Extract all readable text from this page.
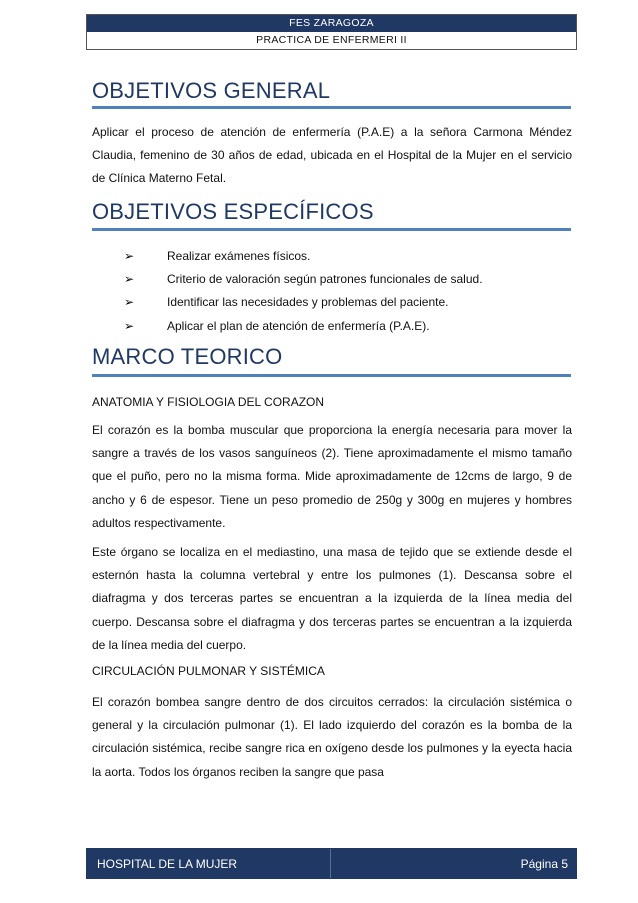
FES ZARAGOZA
PRACTICA DE ENFERMERI II
OBJETIVOS GENERAL

Aplicar el proceso de atención de enfermería (P.A.E) a la señora Carmona Méndez Claudia, femenino de 30 años de edad, ubicada en el Hospital de la Mujer en el servicio de Clínica Materno Fetal.

OBJETIVOS ESPECÍFICOS
➢	Realizar exámenes físicos.
➢	Criterio de valoración según patrones funcionales de salud.
➢	Identificar las necesidades y problemas del paciente.
➢	Aplicar el plan de atención de enfermería (P.A.E).
MARCO TEORICO

ANATOMIA Y FISIOLOGIA DEL CORAZON

El corazón es la bomba muscular que proporciona la energía necesaria para mover la sangre a través de los vasos sanguíneos (2). Tiene aproximadamente el mismo tamaño que el puño, pero no la misma forma. Mide aproximadamente de 12cms de largo, 9 de ancho y 6 de espesor. Tiene un peso promedio de 250g y 300g en mujeres y hombres adultos respectivamente.

Este órgano se localiza en el mediastino, una masa de tejido que se extiende desde el esternón hasta la columna vertebral y entre los pulmones (1). Descansa sobre el diafragma y dos terceras partes se encuentran a la izquierda de la línea media del cuerpo. Descansa sobre el diafragma y dos terceras partes se encuentran a la izquierda de la línea media del cuerpo.

CIRCULACIÓN PULMONAR Y SISTÉMICA

El corazón bombea sangre dentro de dos circuitos cerrados: la circulación sistémica o general y la circulación pulmonar (1). El lado izquierdo del corazón es la bomba de la circulación sistémica, recibe sangre rica en oxígeno desde los pulmones y la eyecta hacia la aorta. Todos los órganos reciben la sangre que pasa

HOSPITAL DE LA MUJER	Página 5
